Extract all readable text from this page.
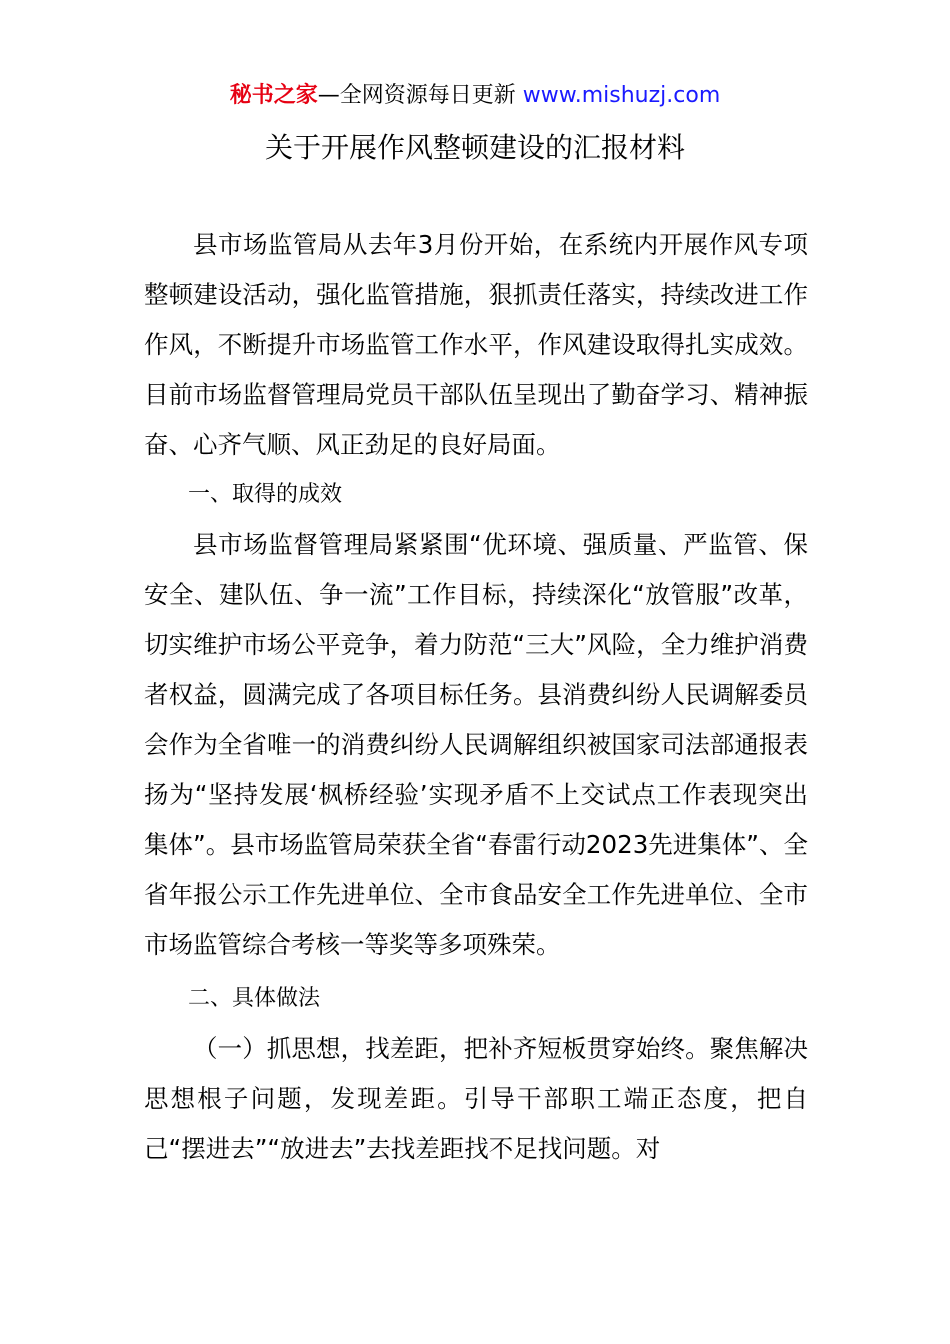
秘书之家—全网资源每日更新 www.mishuzj.com
关于开展作风整顿建设的汇报材料

县市场监管局从去年3月份开始，在系统内开展作风专项整顿建设活动，强化监管措施，狠抓责任落实，持续改进工作作风，不断提升市场监管工作水平，作风建设取得扎实成效。目前市场监督管理局党员干部队伍呈现出了勤奋学习、精神振奋、心齐气顺、风正劲足的良好局面。

一、取得的成效

县市场监督管理局紧紧围“优环境、强质量、严监管、保安全、建队伍、争一流”工作目标，持续深化“放管服”改革，切实维护市场公平竞争，着力防范“三大”风险，全力维护消费者权益，圆满完成了各项目标任务。县消费纠纷人民调解委员会作为全省唯一的消费纠纷人民调解组织被国家司法部通报表扬为“坚持发展‘枫桥经验’实现矛盾不上交试点工作表现突出集体”。县市场监管局荣获全省“春雷行动2023先进集体”、全省年报公示工作先进单位、全市食品安全工作先进单位、全市市场监管综合考核一等奖等多项殊荣。

二、具体做法

（一）抓思想，找差距，把补齐短板贯穿始终。聚焦解决思想根子问题，发现差距。引导干部职工端正态度，把自己“摆进去”“放进去”去找差距找不足找问题。对
